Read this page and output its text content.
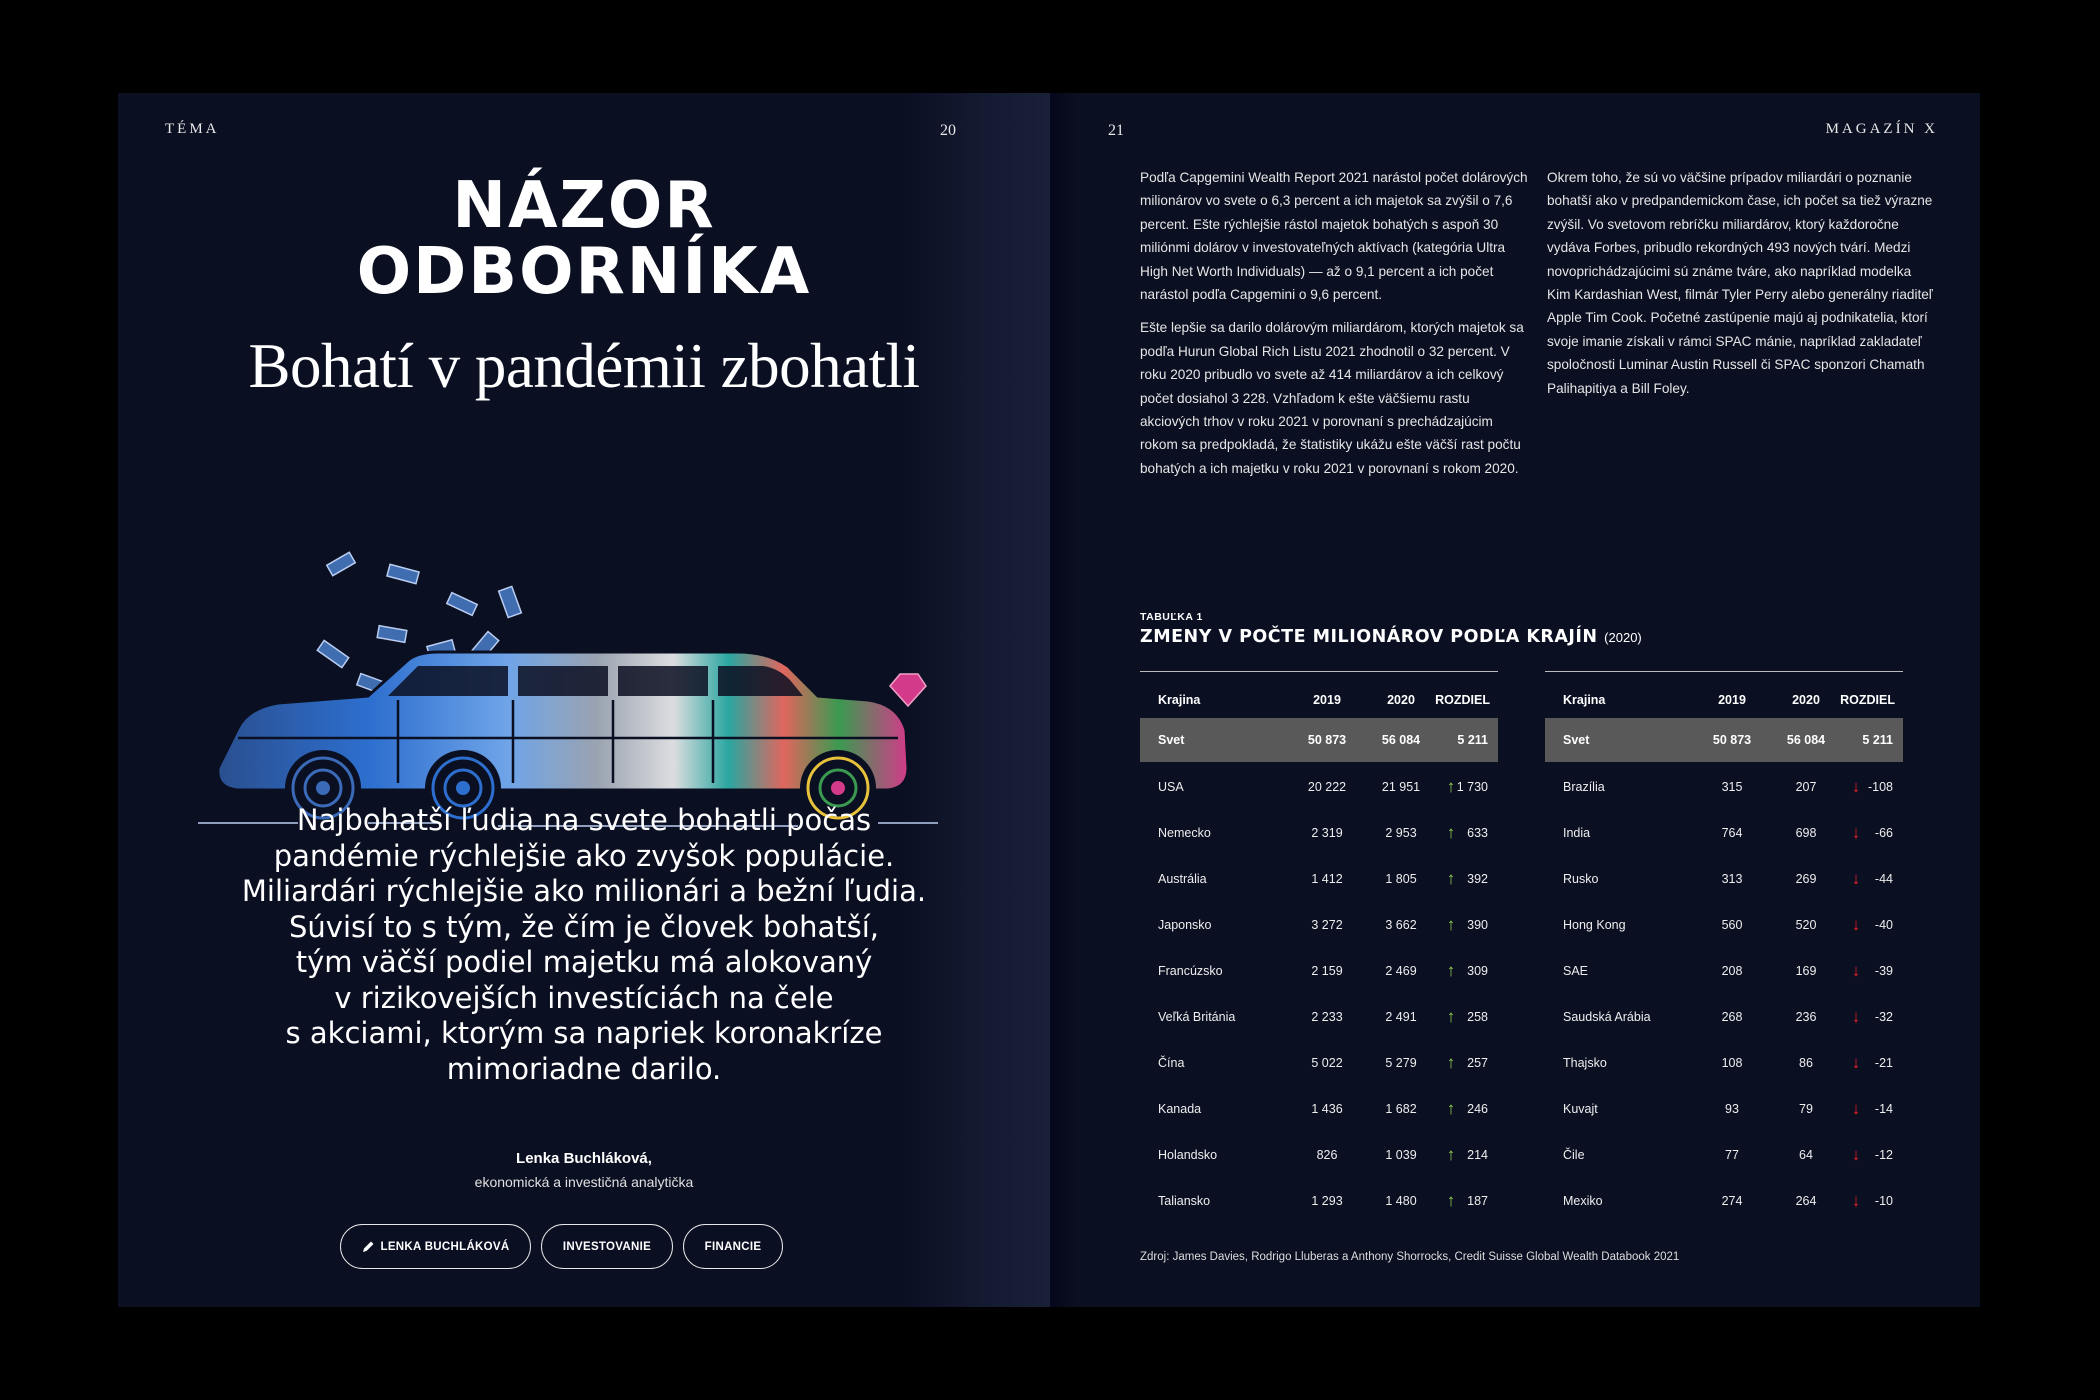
TÉMA	20
NÁZOR
ODBORNÍKA
Bohatí v pandémii zbohatli
Najbohatší ľudia na svete bohatli počas
pandémie rýchlejšie ako zvyšok populácie.
Miliardári rýchlejšie ako milionári a bežní ľudia.
Súvisí to s tým, že čím je človek bohatší,
tým väčší podiel majetku má alokovaný
v rizikovejších investíciách na čele
s akciami, ktorým sa napriek koronakríze
mimoriadne darilo.
Lenka Buchláková,
ekonomická a investičná analytička
LENKA BUCHLÁKOVÁ	INVESTOVANIE	FINANCIE
21	MAGAZÍN X

Podľa Capgemini Wealth Report 2021 narástol počet dolárových milionárov vo svete o 6,3 percent a ich majetok sa zvýšil o 7,6 percent. Ešte rýchlejšie rástol majetok bohatých s aspoň 30 miliónmi dolárov v investovateľných aktívach (kategória Ultra High Net Worth Individuals) — až o 9,1 percent a ich počet narástol podľa Capgemini o 9,6 percent.

Ešte lepšie sa darilo dolárovým miliardárom, ktorých majetok sa podľa Hurun Global Rich Listu 2021 zhodnotil o 32 percent. V roku 2020 pribudlo vo svete až 414 miliardárov a ich celkový počet dosiahol 3 228. Vzhľadom k ešte väčšiemu rastu akciových trhov v roku 2021 v porovnaní s prechádzajúcim rokom sa predpokladá, že štatistiky ukážu ešte väčší rast počtu bohatých a ich majetku v roku 2021 v porovnaní s rokom 2020.

Okrem toho, že sú vo väčšine prípadov miliardári o poznanie bohatší ako v predpandemickom čase, ich počet sa tiež výrazne zvýšil. Vo svetovom rebríčku miliardárov, ktorý každoročne vydáva Forbes, pribudlo rekordných 493 nových tvárí. Medzi novoprichádzajúcimi sú známe tváre, ako napríklad modelka Kim Kardashian West, filmár Tyler Perry alebo generálny riaditeľ Apple Tim Cook. Početné zastúpenie majú aj podnikatelia, ktorí svoje imanie získali v rámci SPAC mánie, napríklad zakladateľ spoločnosti Luminar Austin Russell či SPAC sponzori Chamath Palihapitiya a Bill Foley.

TABUĽKA 1
ZMENY V POČTE MILIONÁROV PODĽA KRAJÍN (2020)
Krajina	2019	2020	ROZDIEL
Svet	50 873	56 084	5 211
USA	20 222	21 951	↑ 1 730
Nemecko	2 319	2 953	↑ 633
Austrália	1 412	1 805	↑ 392
Japonsko	3 272	3 662	↑ 390
Francúzsko	2 159	2 469	↑ 309
Veľká Británia	2 233	2 491	↑ 258
Čína	5 022	5 279	↑ 257
Kanada	1 436	1 682	↑ 246
Holandsko	826	1 039	↑ 214
Taliansko	1 293	1 480	↑ 187
Krajina	2019	2020	ROZDIEL
Svet	50 873	56 084	5 211
Brazília	315	207	↓ -108
India	764	698	↓ -66
Rusko	313	269	↓ -44
Hong Kong	560	520	↓ -40
SAE	208	169	↓ -39
Saudská Arábia	268	236	↓ -32
Thajsko	108	86	↓ -21
Kuvajt	93	79	↓ -14
Čile	77	64	↓ -12
Mexiko	274	264	↓ -10
Zdroj: James Davies, Rodrigo Lluberas a Anthony Shorrocks, Credit Suisse Global Wealth Databook 2021
